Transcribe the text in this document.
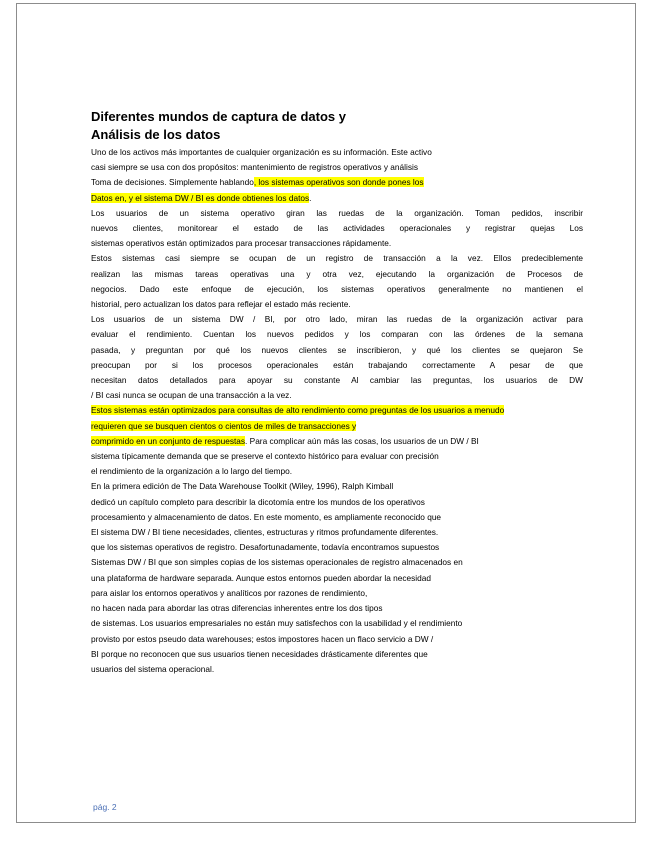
Diferentes mundos de captura de datos y
Análisis de los datos
Uno de los activos más importantes de cualquier organización es su información. Este activo
casi siempre se usa con dos propósitos: mantenimiento de registros operativos y análisis
Toma de decisiones. Simplemente hablando, los sistemas operativos son donde pones los
Datos en, y el sistema DW / BI es donde obtienes los datos.
Los usuarios de un sistema operativo giran las ruedas de la organización. Toman pedidos, inscribir
nuevos clientes, monitorear el estado de las actividades operacionales y registrar quejas Los
sistemas operativos están optimizados para procesar transacciones rápidamente.
Estos sistemas casi siempre se ocupan de un registro de transacción a la vez. Ellos predeciblemente
realizan las mismas tareas operativas una y otra vez, ejecutando la organización de Procesos de
negocios. Dado este enfoque de ejecución, los sistemas operativos generalmente no mantienen el
historial, pero actualizan los datos para reflejar el estado más reciente.
Los usuarios de un sistema DW / BI, por otro lado, miran las ruedas de la organización activar para
evaluar el rendimiento. Cuentan los nuevos pedidos y los comparan con las órdenes de la semana
pasada, y preguntan por qué los nuevos clientes se inscribieron, y qué los clientes se quejaron Se
preocupan por si los procesos operacionales están trabajando correctamente A pesar de que
necesitan datos detallados para apoyar su constante Al cambiar las preguntas, los usuarios de DW
/ BI casi nunca se ocupan de una transacción a la vez.
Estos sistemas están optimizados para consultas de alto rendimiento como preguntas de los usuarios a menudo
requieren que se busquen cientos o cientos de miles de transacciones y
comprimido en un conjunto de respuestas. Para complicar aún más las cosas, los usuarios de un DW / BI
sistema típicamente demanda que se preserve el contexto histórico para evaluar con precisión
el rendimiento de la organización a lo largo del tiempo.
En la primera edición de The Data Warehouse Toolkit (Wiley, 1996), Ralph Kimball
dedicó un capítulo completo para describir la dicotomía entre los mundos de los operativos
procesamiento y almacenamiento de datos. En este momento, es ampliamente reconocido que
El sistema DW / BI tiene necesidades, clientes, estructuras y ritmos profundamente diferentes.
que los sistemas operativos de registro. Desafortunadamente, todavía encontramos supuestos
Sistemas DW / BI que son simples copias de los sistemas operacionales de registro almacenados en
una plataforma de hardware separada. Aunque estos entornos pueden abordar la necesidad
para aislar los entornos operativos y analíticos por razones de rendimiento,
no hacen nada para abordar las otras diferencias inherentes entre los dos tipos
de sistemas. Los usuarios empresariales no están muy satisfechos con la usabilidad y el rendimiento
provisto por estos pseudo data warehouses; estos impostores hacen un flaco servicio a DW /
BI porque no reconocen que sus usuarios tienen necesidades drásticamente diferentes que
usuarios del sistema operacional.
pág. 2
